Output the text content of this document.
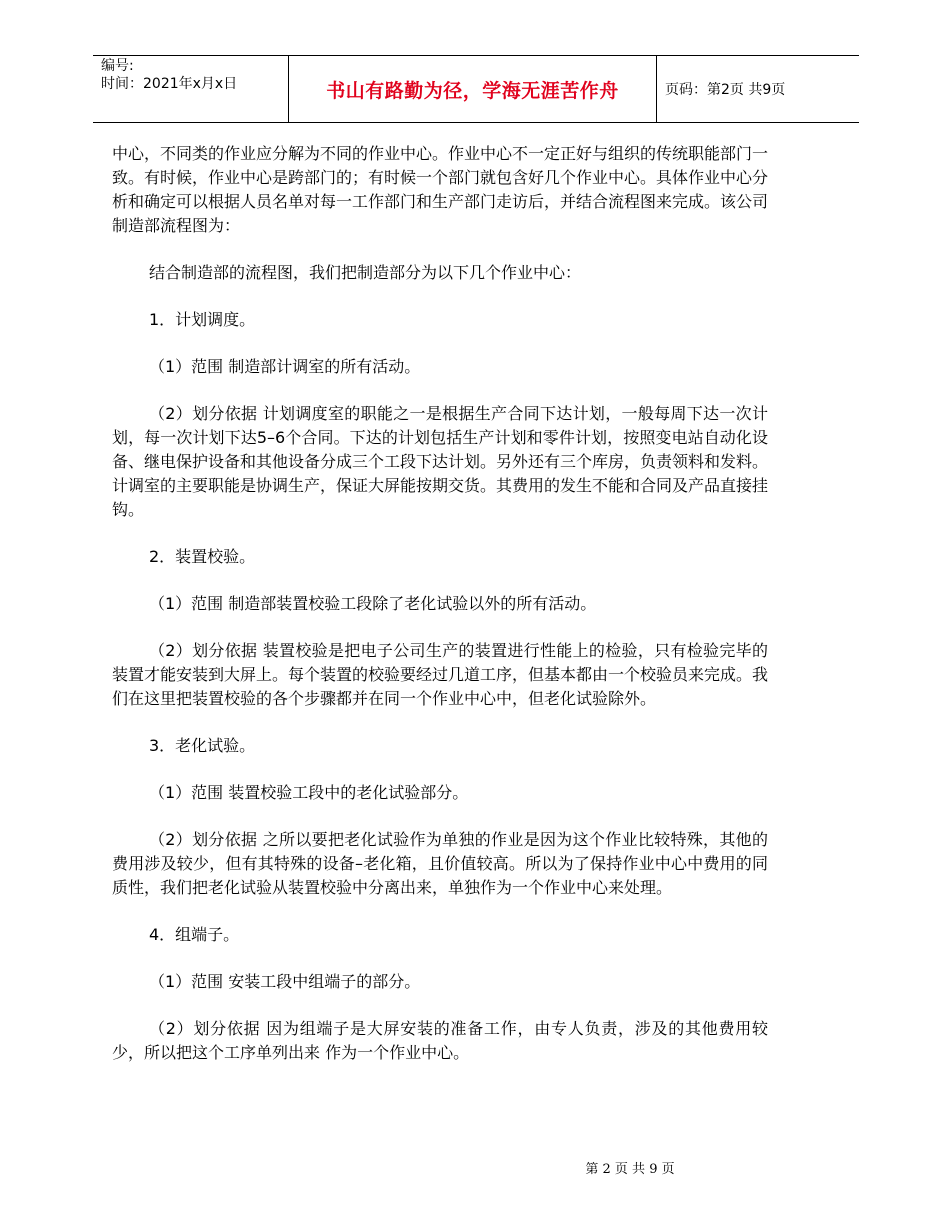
编号:
时间：2021年x月x日	书山有路勤为径，学海无涯苦作舟	页码：第2页 共9页

中心，不同类的作业应分解为不同的作业中心。作业中心不一定正好与组织的传统职能部门一致。有时候，作业中心是跨部门的；有时候一个部门就包含好几个作业中心。具体作业中心分析和确定可以根据人员名单对每一工作部门和生产部门走访后，并结合流程图来完成。该公司制造部流程图为：

结合制造部的流程图，我们把制造部分为以下几个作业中心：

1．计划调度。

（1）范围 制造部计调室的所有活动。

（2）划分依据 计划调度室的职能之一是根据生产合同下达计划，一般每周下达一次计划，每一次计划下达5–6个合同。下达的计划包括生产计划和零件计划，按照变电站自动化设备、继电保护设备和其他设备分成三个工段下达计划。另外还有三个库房，负责领料和发料。计调室的主要职能是协调生产，保证大屏能按期交货。其费用的发生不能和合同及产品直接挂钩。

2．装置校验。

（1）范围 制造部装置校验工段除了老化试验以外的所有活动。

（2）划分依据 装置校验是把电子公司生产的装置进行性能上的检验，只有检验完毕的装置才能安装到大屏上。每个装置的校验要经过几道工序，但基本都由一个校验员来完成。我们在这里把装置校验的各个步骤都并在同一个作业中心中，但老化试验除外。

3．老化试验。

（1）范围 装置校验工段中的老化试验部分。

（2）划分依据 之所以要把老化试验作为单独的作业是因为这个作业比较特殊，其他的费用涉及较少，但有其特殊的设备–老化箱，且价值较高。所以为了保持作业中心中费用的同质性，我们把老化试验从装置校验中分离出来，单独作为一个作业中心来处理。

4．组端子。

（1）范围 安装工段中组端子的部分。

（2）划分依据 因为组端子是大屏安装的准备工作，由专人负责，涉及的其他费用较少，所以把这个工序单列出来 作为一个作业中心。

第 2 页 共 9 页
